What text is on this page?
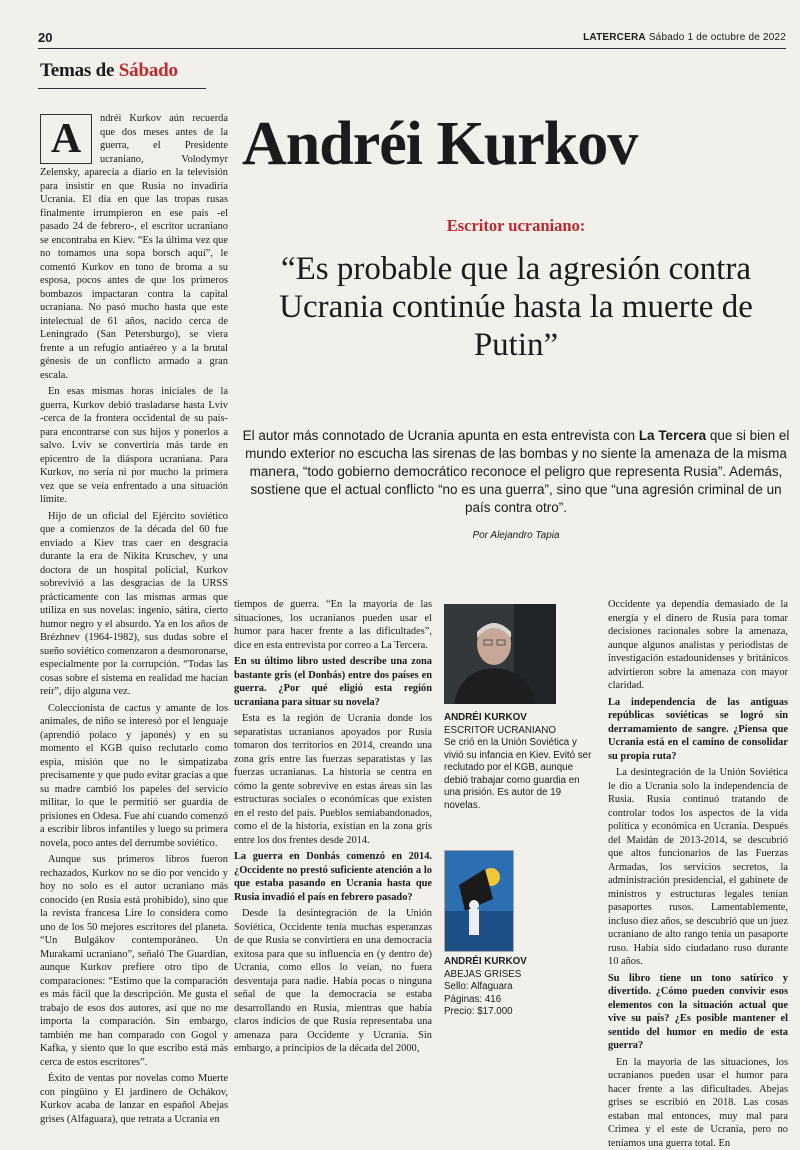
20	LATERCERA Sábado 1 de octubre de 2022
Temas de Sábado
Andréi Kurkov
Escritor ucraniano:
“Es probable que la agresión contra Ucrania continúe hasta la muerte de Putin”
El autor más connotado de Ucrania apunta en esta entrevista con La Tercera que si bien el mundo exterior no escucha las sirenas de las bombas y no siente la amenaza de la misma manera, “todo gobierno democrático reconoce el peligro que representa Rusia”. Además, sostiene que el actual conflicto “no es una guerra”, sino que “una agresión criminal de un país contra otro”.
Por Alejandro Tapia
A	ndréi Kurkov aún recuerda que dos meses antes de la guerra, el Presidente ucraniano, Volodymyr Zelensky, aparecía a diario en la televisión para insistir en que Rusia no invadiría Ucrania. El día en que las tropas rusas finalmente irrumpieron en ese país -el pasado 24 de febrero-, el escritor ucraniano se encontraba en Kiev. “Es la última vez que no tomamos una sopa borsch aquí”, le comentó Kurkov en tono de broma a su esposa, pocos antes de que los primeros bombazos impactaran contra la capital ucraniana. No pasó mucho hasta que este intelectual de 61 años, nacido cerca de Leningrado (San Petersburgo), se viera frente a un refugio antiaéreo y a la brutal génesis de un conflicto armado a gran escala.

En esas mismas horas iniciales de la guerra, Kurkov debió trasladarse hasta Lviv -cerca de la frontera occidental de su país- para encontrarse con sus hijos y ponerlos a salvo. Lviv se convertiría más tarde en epicentro de la diáspora ucraniana. Para Kurkov, no sería ni por mucho la primera vez que se veía enfrentado a una situación límite.

Hijo de un oficial del Ejército soviético que a comienzos de la década del 60 fue enviado a Kiev tras caer en desgracia durante la era de Nikita Kruschev, y una doctora de un hospital policial, Kurkov sobrevivió a las desgracias de la URSS prácticamente con las mismas armas que utiliza en sus novelas: ingenio, sátira, cierto humor negro y el absurdo. Ya en los años de Brézhnev (1964-1982), sus dudas sobre el sueño soviético comenzaron a desmoronarse, especialmente por la corrupción. “Todas las cosas sobre el sistema en realidad me hacían reír”, dijo alguna vez.

Coleccionista de cactus y amante de los animales, de niño se interesó por el lenguaje (aprendió polaco y japonés) y en su momento el KGB quiso reclutarlo como espía, misión que no le simpatizaba precisamente y que pudo evitar gracias a que su madre cambió los papeles del servicio militar, lo que le permitió ser guardia de prisiones en Odesa. Fue ahí cuando comenzó a escribir libros infantiles y luego su primera novela, poco antes del derrumbe soviético.

Aunque sus primeros libros fueron rechazados, Kurkov no se dio por vencido y hoy no solo es el autor ucraniano más conocido (en Rusia está prohibido), sino que la revista francesa Lire lo considera como uno de los 50 mejores escritores del planeta. “Un Bulgákov contemporáneo. Un Murakami ucraniano”, señaló The Guardian, aunque Kurkov prefiere otro tipo de comparaciones: “Estimo que la comparación es más fácil que la descripción. Me gusta el trabajo de esos dos autores, así que no me importa la comparación. Sin embargo, también me han comparado con Gogol y Kafka, y siento que lo que escribo está más cerca de estos escritores”.

Éxito de ventas por novelas como Muerte con pingüino y El jardinero de Ochákov, Kurkov acaba de lanzar en español Abejas grises (Alfaguara), que retrata a Ucrania en

tiempos de guerra. “En la mayoría de las situaciones, los ucranianos pueden usar el humor para hacer frente a las dificultades”, dice en esta entrevista por correo a La Tercera.

En su último libro usted describe una zona bastante gris (el Donbás) entre dos países en guerra. ¿Por qué eligió esta región ucraniana para situar su novela?

Esta es la región de Ucrania donde los separatistas ucranianos apoyados por Rusia tomaron dos territorios en 2014, creando una zona gris entre las fuerzas separatistas y las fuerzas ucranianas. La historia se centra en cómo la gente sobrevive en estas áreas sin las estructuras sociales o económicas que existen en el resto del país. Pueblos semiabandonados, como el de la historia, existían en la zona gris entre los dos frentes desde 2014.

La guerra en Donbás comenzó en 2014. ¿Occidente no prestó suficiente atención a lo que estaba pasando en Ucrania hasta que Rusia invadió el país en febrero pasado?

Desde la desintegración de la Unión Soviética, Occidente tenía muchas esperanzas de que Rusia se convirtiera en una democracia exitosa para que su influencia en (y dentro de) Ucrania, como ellos lo veían, no fuera desventaja para nadie. Había pocas o ninguna señal de que la democracia se estaba desarrollando en Rusia, mientras que había claros indicios de que Rusia representaba una amenaza para Occidente y Ucrania. Sin embargo, a principios de la década del 2000,

ANDRÉI KURKOV
ESCRITOR UCRANIANO
Se crió en la Unión Soviética y vivió su infancia en Kiev. Evitó ser reclutado por el KGB, aunque debió trabajar como guardia en una prisión. Es autor de 19 novelas.
ANDRÉI KURKOV
ABEJAS GRISES
Sello: Alfaguara
Páginas: 416
Precio: $17.000

Occidente ya dependía demasiado de la energía y el dinero de Rusia para tomar decisiones racionales sobre la amenaza, aunque algunos analistas y periodistas de investigación estadounidenses y británicos advirtieron sobre la amenaza con mayor claridad.

La independencia de las antiguas repúblicas soviéticas se logró sin derramamiento de sangre. ¿Piensa que Ucrania está en el camino de consolidar su propia ruta?

La desintegración de la Unión Soviética le dio a Ucrania solo la independencia de Rusia. Rusia continuó tratando de controlar todos los aspectos de la vida política y económica en Ucrania. Después del Maidán de 2013-2014, se descubrió que altos funcionarios de las Fuerzas Armadas, los servicios secretos, la administración presidencial, el gabinete de ministros y estructuras legales tenían pasaportes rusos. Lamentablemente, incluso diez años, se descubrió que un juez ucraniano de alto rango tenía un pasaporte ruso. Había sido ciudadano ruso durante 10 años.

Su libro tiene un tono satírico y divertido. ¿Cómo pueden convivir esos elementos con la situación actual que vive su país? ¿Es posible mantener el sentido del humor en medio de esta guerra?

En la mayoría de las situaciones, los ucranianos pueden usar el humor para hacer frente a las dificultades. Abejas grises se escribió en 2018. Las cosas estaban mal entonces, muy mal para Crimea y el este de Ucrania, pero no teníamos una guerra total. En
